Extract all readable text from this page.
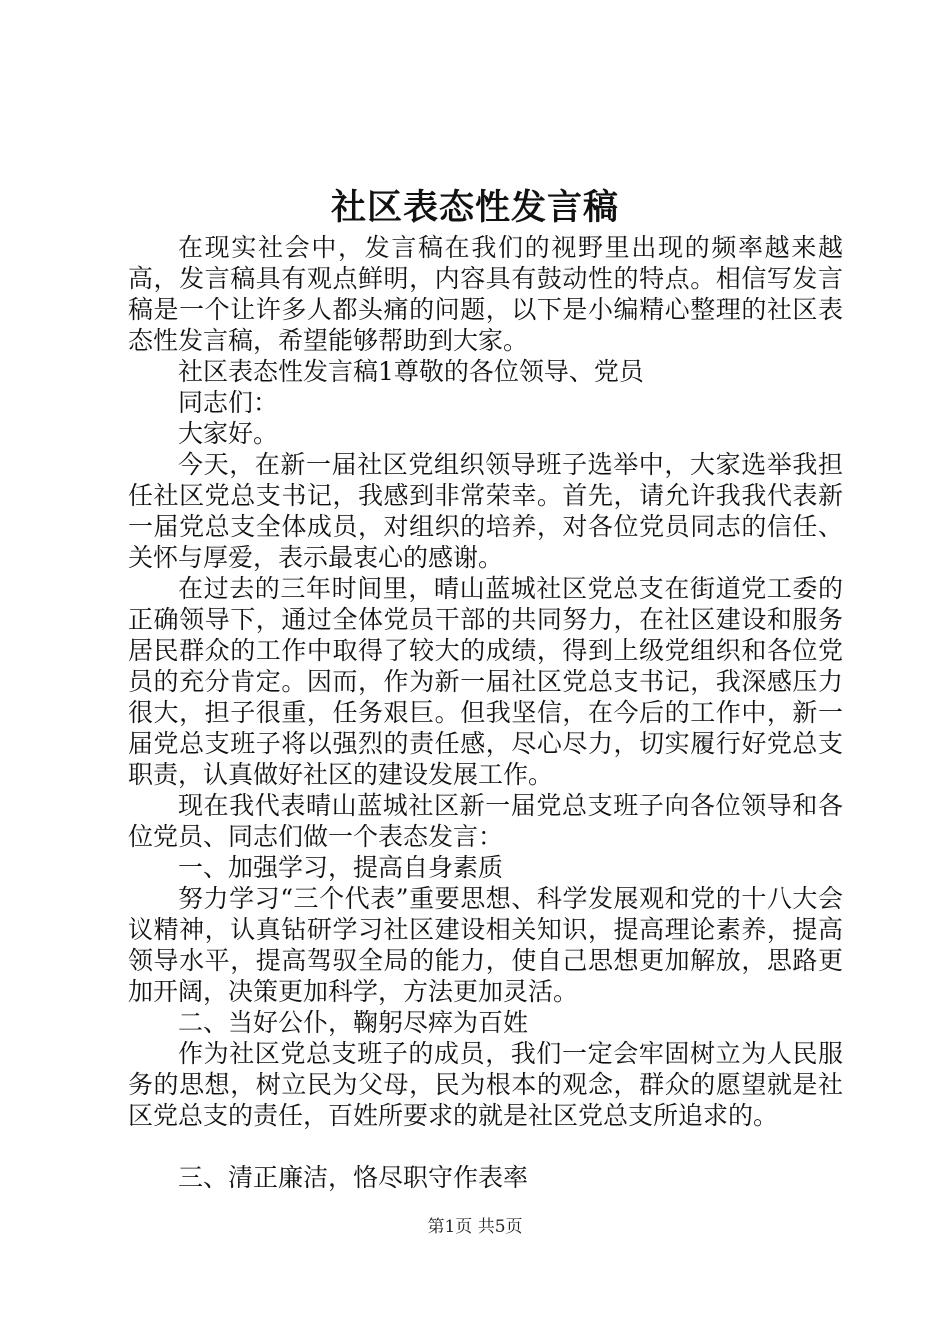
社区表态性发言稿

在现实社会中，发言稿在我们的视野里出现的频率越来越高，发言稿具有观点鲜明，内容具有鼓动性的特点。相信写发言稿是一个让许多人都头痛的问题，以下是小编精心整理的社区表态性发言稿，希望能够帮助到大家。

社区表态性发言稿1尊敬的各位领导、党员

同志们：

大家好。

今天，在新一届社区党组织领导班子选举中，大家选举我担任社区党总支书记，我感到非常荣幸。首先，请允许我我代表新一届党总支全体成员，对组织的培养，对各位党员同志的信任、关怀与厚爱，表示最衷心的感谢。

在过去的三年时间里，晴山蓝城社区党总支在街道党工委的正确领导下，通过全体党员干部的共同努力，在社区建设和服务居民群众的工作中取得了较大的成绩，得到上级党组织和各位党员的充分肯定。因而，作为新一届社区党总支书记，我深感压力很大，担子很重，任务艰巨。但我坚信，在今后的工作中，新一届党总支班子将以强烈的责任感，尽心尽力，切实履行好党总支职责，认真做好社区的建设发展工作。

现在我代表晴山蓝城社区新一届党总支班子向各位领导和各位党员、同志们做一个表态发言：

一、加强学习，提高自身素质

努力学习“三个代表”重要思想、科学发展观和党的十八大会议精神，认真钻研学习社区建设相关知识，提高理论素养，提高领导水平，提高驾驭全局的能力，使自己思想更加解放，思路更加开阔，决策更加科学，方法更加灵活。

二、当好公仆，鞠躬尽瘁为百姓

作为社区党总支班子的成员，我们一定会牢固树立为人民服务的思想，树立民为父母，民为根本的观念，群众的愿望就是社区党总支的责任，百姓所要求的就是社区党总支所追求的。

三、清正廉洁，恪尽职守作表率

第1页 共5页
